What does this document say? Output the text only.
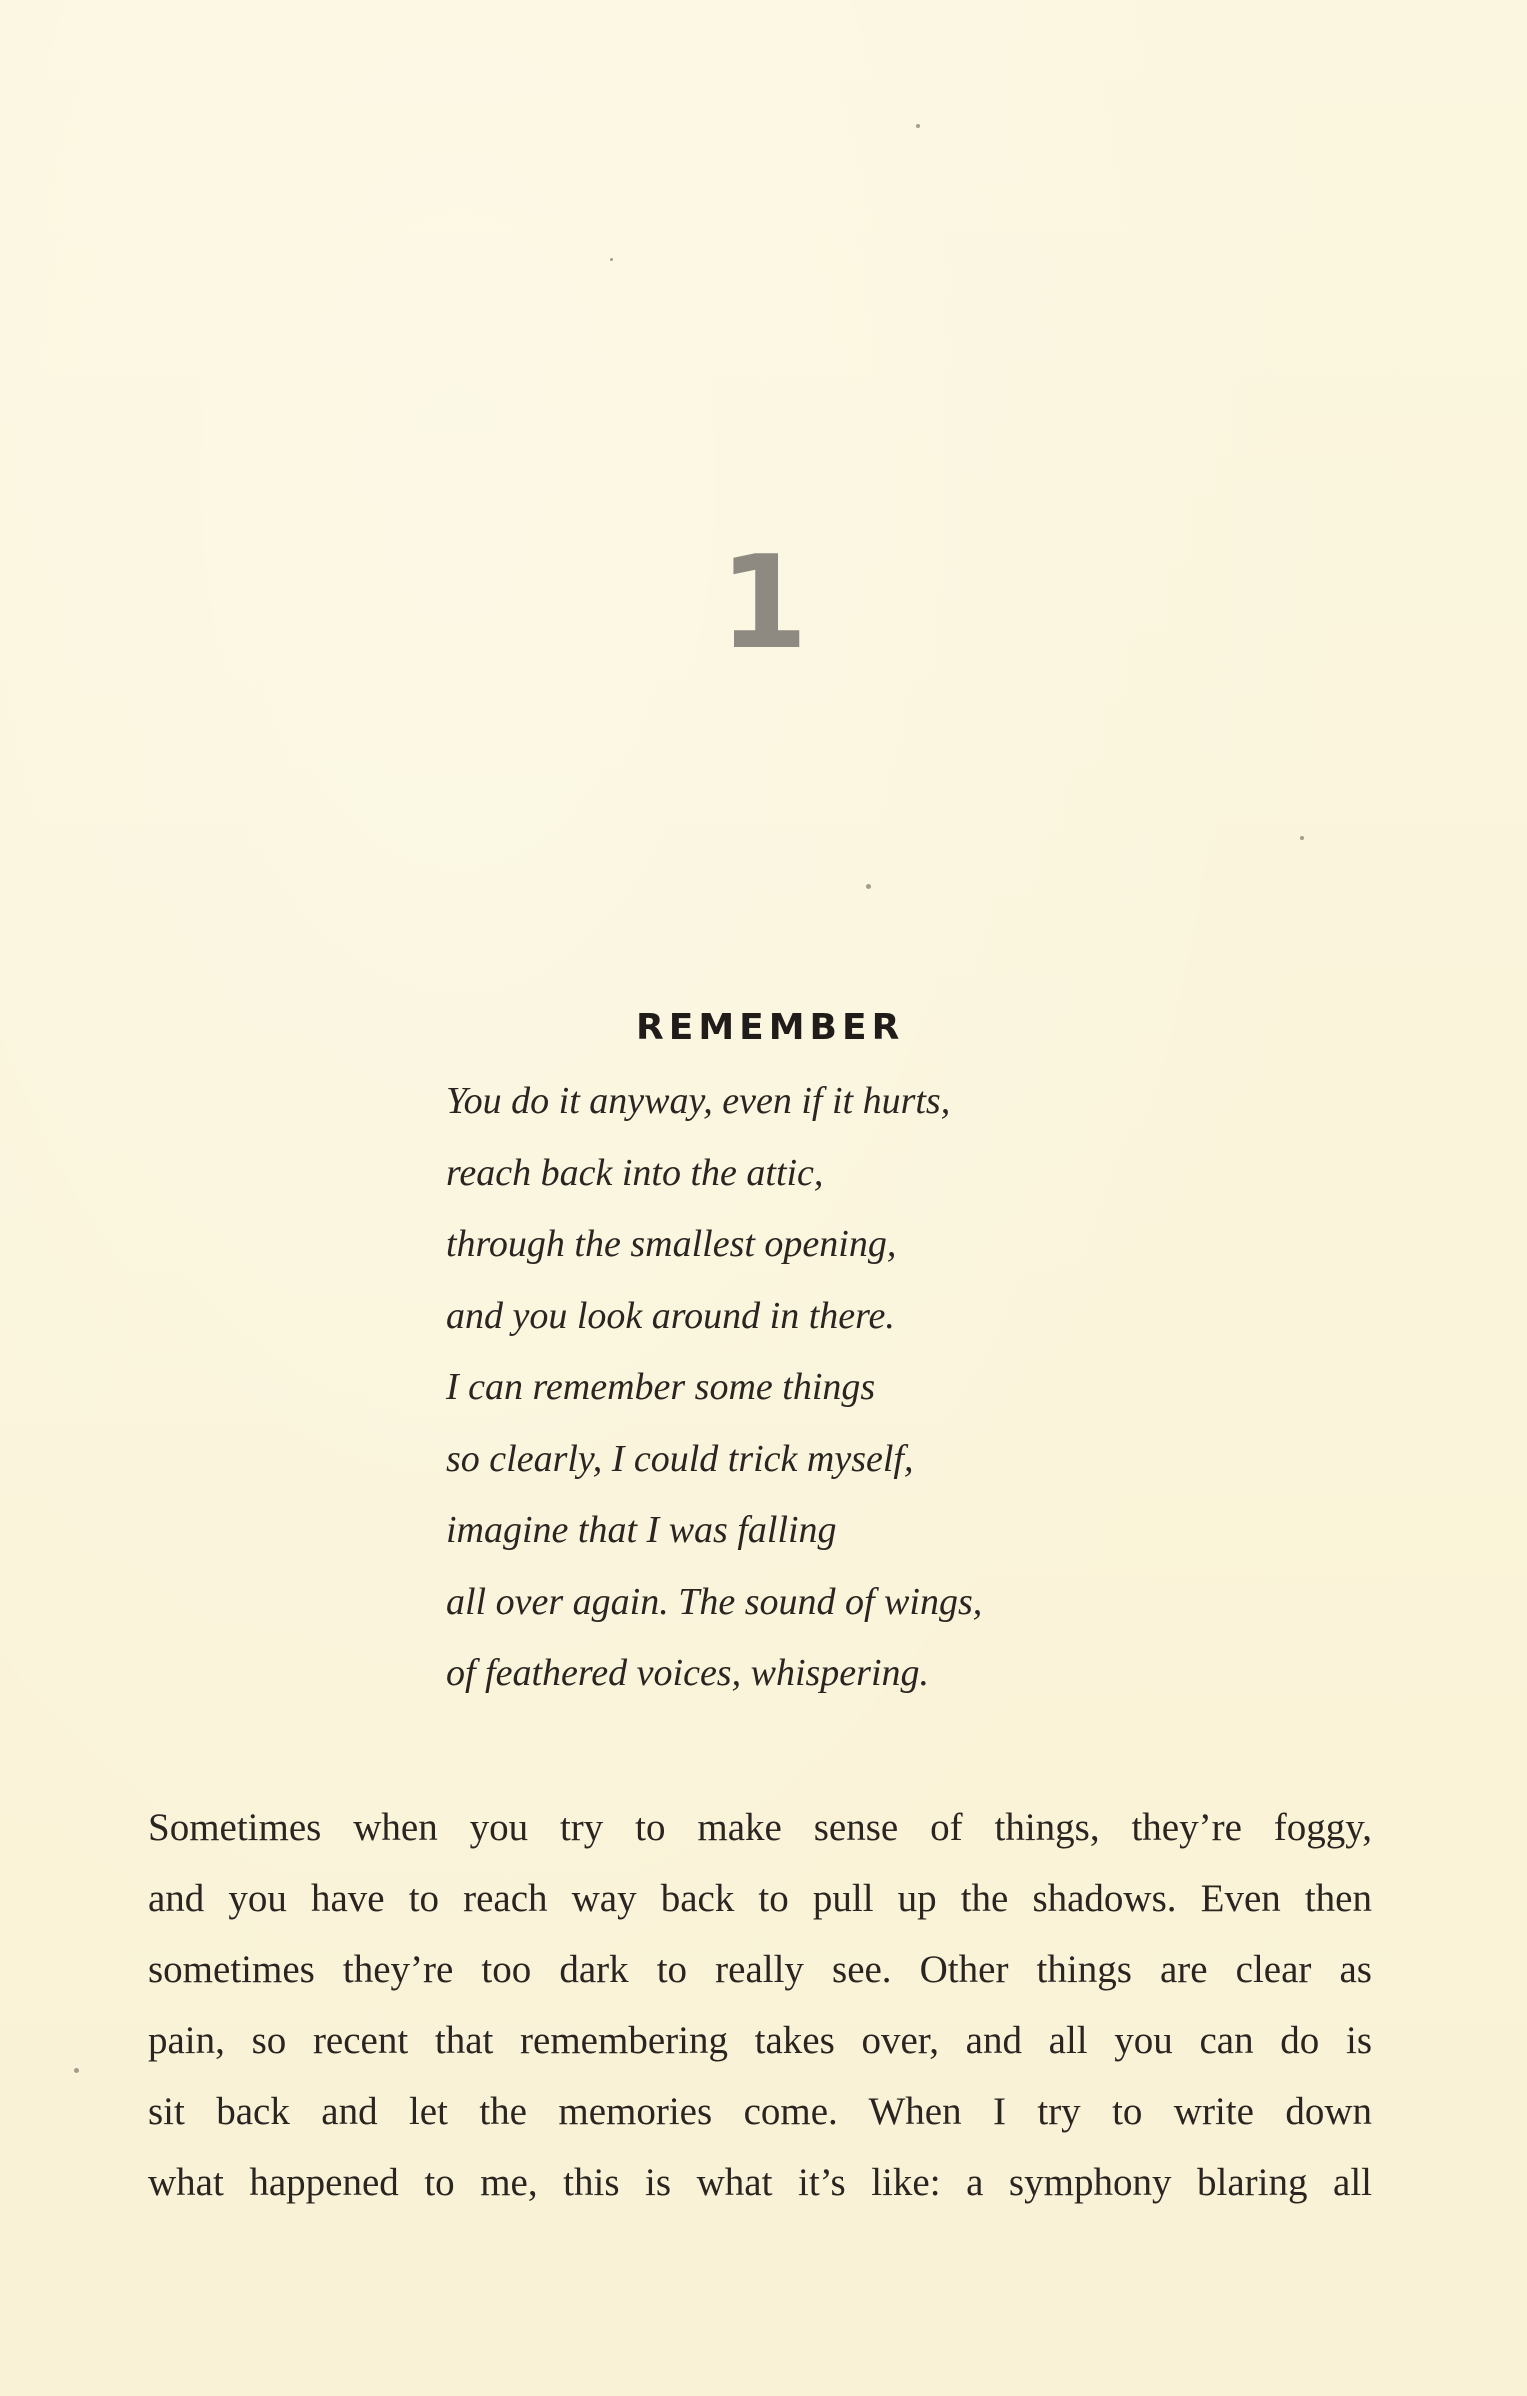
1
REMEMBER
You do it anyway, even if it hurts,
reach back into the attic,
through the smallest opening,
and you look around in there.
I can remember some things
so clearly, I could trick myself,
imagine that I was falling
all over again. The sound of wings,
of feathered voices, whispering.

Sometimes when you try to make sense of things, they’re foggy,
and you have to reach way back to pull up the shadows. Even then
sometimes they’re too dark to really see. Other things are clear as
pain, so recent that remembering takes over, and all you can do is
sit back and let the memories come. When I try to write down
what happened to me, this is what it’s like: a symphony blaring all
